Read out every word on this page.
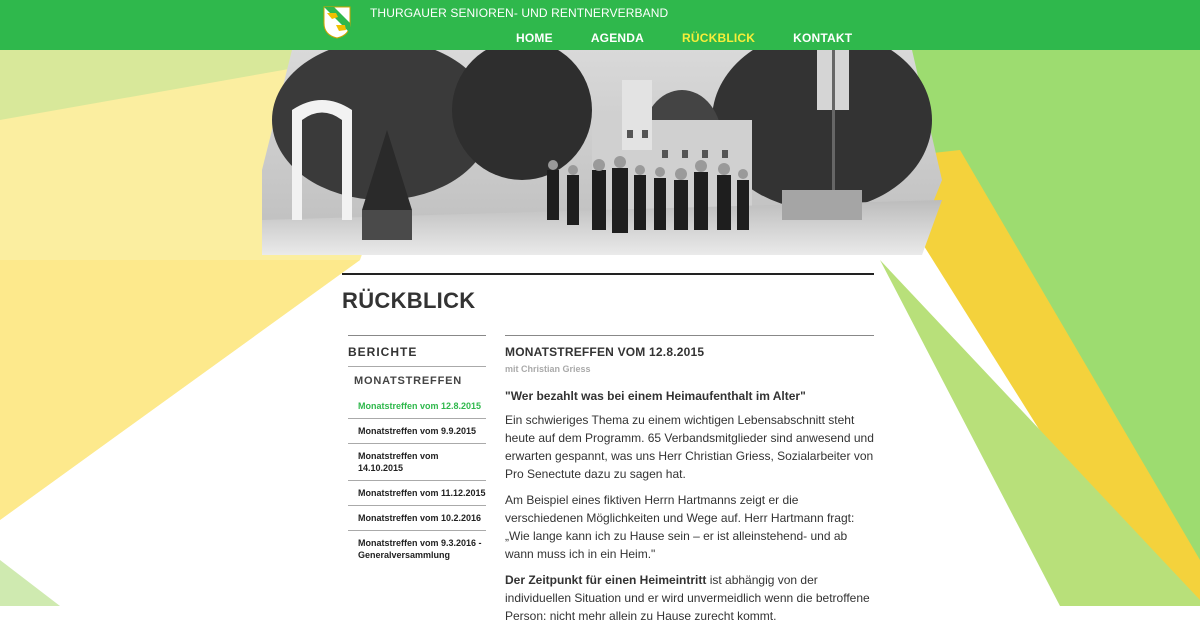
THURGAUER SENIOREN- UND RENTNERVERBAND
HOME	AGENDA	RÜCKBLICK	KONTAKT
RÜCKBLICK
BERICHTE
MONATSTREFFEN
Monatstreffen vom 12.8.2015
Monatstreffen vom 9.9.2015
Monatstreffen vom 14.10.2015
Monatstreffen vom 11.12.2015
Monatstreffen vom 10.2.2016
Monatstreffen vom 9.3.2016 - Generalversammlung
MONATSTREFFEN VOM 12.8.2015
mit Christian Griess
"Wer bezahlt was bei einem Heimaufenthalt im Alter"

Ein schwieriges Thema zu einem wichtigen Lebensabschnitt steht heute auf dem Programm. 65 Verbandsmitglieder sind anwesend und erwarten gespannt, was uns Herr Christian Griess, Sozialarbeiter von Pro Senectute dazu zu sagen hat.

Am Beispiel eines fiktiven Herrn Hartmanns zeigt er die verschiedenen Möglichkeiten und Wege auf. Herr Hartmann fragt: „Wie lange kann ich zu Hause sein – er ist alleinstehend- und ab wann muss ich in ein Heim."

Der Zeitpunkt für einen Heimeintritt ist abhängig von der individuellen Situation und er wird unvermeidlich wenn die betroffene Person: nicht mehr allein zu Hause zurecht kommt.
